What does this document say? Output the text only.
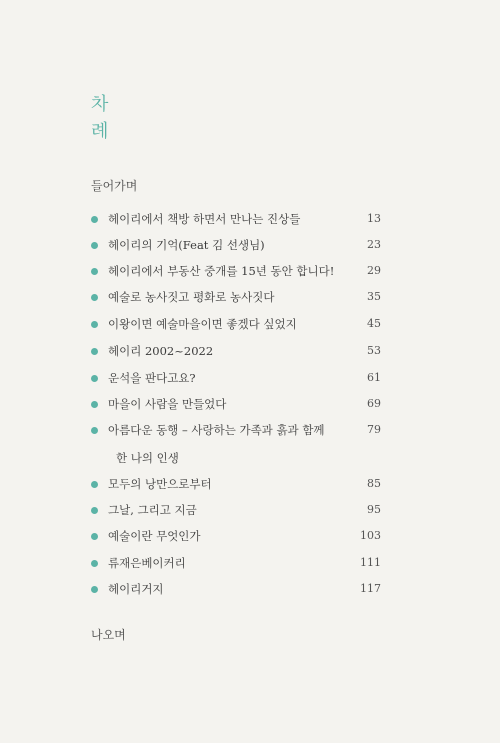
차
례
들어가며
헤이리에서 책방 하면서 만나는 진상들	13
헤이리의 기억(Feat 김 선생님)	23
헤이리에서 부동산 중개를 15년 동안 합니다!	29
예술로 농사짓고 평화로 농사짓다	35
이왕이면 예술마을이면 좋겠다 싶었지	45
헤이리 2002~2022	53
운석을 판다고요?	61
마을이 사람을 만들었다	69
아름다운 동행 – 사랑하는 가족과 흙과 함께	79
한 나의 인생
모두의 낭만으로부터	85
그날, 그리고 지금	95
예술이란 무엇인가	103
류재은베이커리	111
헤이리거지	117
나오며
